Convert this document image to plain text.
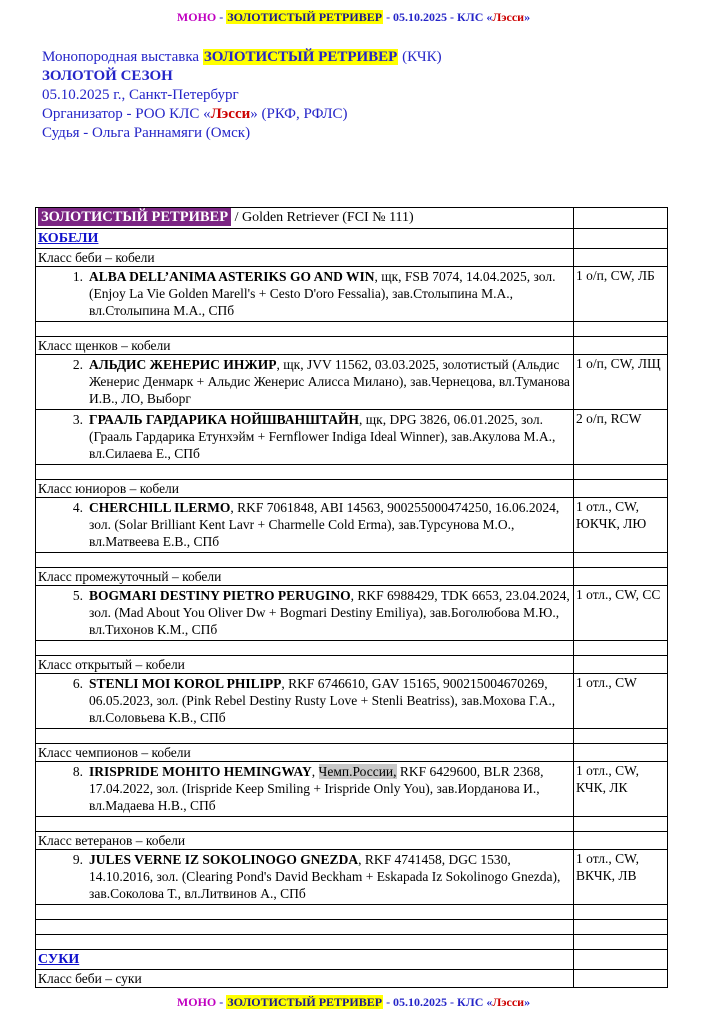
МОНО - ЗОЛОТИСТЫЙ РЕТРИВЕР - 05.10.2025 - КЛС «Лэсси»
Монопородная выставка ЗОЛОТИСТЫЙ РЕТРИВЕР (КЧК)
ЗОЛОТОЙ СЕЗОН
05.10.2025 г., Санкт-Петербург
Организатор - РОО КЛС «Лэсси» (РКФ, РФЛС)
Судья - Ольга Раннамяги (Омск)
ЗОЛОТИСТЫЙ РЕТРИВЕР / Golden Retriever (FCI № 111)	
КОБЕЛИ	
Класс беби – кобели	

1. ALBA DELL’ANIMA ASTERIKS GO AND WIN, щк, FSB 7074, 14.04.2025, зол. (Enjoy La Vie Golden Marell's + Cesto D'oro Fessalia), зав.Столыпина М.А., вл.Столыпина М.А., СПб	1 о/п, CW, ЛБ

Класс щенков – кобели	

2. АЛЬДИС ЖЕНЕРИС ИНЖИР, щк, JVV 11562, 03.03.2025, золотистый (Альдис Женерис Денмарк + Альдис Женерис Алисса Милано), зав.Чернецова, вл.Туманова И.В., ЛО, Выборг	1 о/п, CW, ЛЩ

3. ГРААЛЬ ГАРДАРИКА НОЙШВАНШТАЙН, щк, DPG 3826, 06.01.2025, зол. (Грааль Гардарика Етунхэйм + Fernflower Indiga Ideal Winner), зав.Акулова М.А., вл.Силаева Е., СПб	2 о/п, RCW

Класс юниоров – кобели	

4. CHERCHILL ILERMO, RKF 7061848, ABI 14563, 900255000474250, 16.06.2024, зол. (Solar Brilliant Kent Lavr + Charmelle Cold Erma), зав.Турсунова М.О., вл.Матвеева Е.В., СПб	1 отл., CW, ЮКЧК, ЛЮ

Класс промежуточный – кобели	

5. BOGMARI DESTINY PIETRO PERUGINO, RKF 6988429, TDK 6653, 23.04.2024, зол. (Mad About You Oliver Dw + Bogmari Destiny Emiliya), зав.Боголюбова М.Ю., вл.Тихонов К.М., СПб	1 отл., CW, СС

Класс открытый – кобели	

6. STENLI MOI KOROL PHILIPP, RKF 6746610, GAV 15165, 900215004670269, 06.05.2023, зол. (Pink Rebel Destiny Rusty Love + Stenli Beatriss), зав.Мохова Г.А., вл.Соловьева К.В., СПб	1 отл., CW

Класс чемпионов – кобели	

8. IRISPRIDE MOHITO HEMINGWAY, Чемп.России, RKF 6429600, BLR 2368, 17.04.2022, зол. (Irispride Keep Smiling + Irispride Only You), зав.Иорданова И., вл.Мадаева Н.В., СПб	1 отл., CW, КЧК, ЛК

Класс ветеранов – кобели	

9. JULES VERNE IZ SOKOLINOGO GNEZDA, RKF 4741458, DGC 1530, 14.10.2016, зол. (Clearing Pond's David Beckham + Eskapada Iz Sokolinogo Gnezda), зав.Соколова Т., вл.Литвинов А., СПб	1 отл., CW, ВКЧК, ЛВ

СУКИ	
Класс беби – суки	
МОНО - ЗОЛОТИСТЫЙ РЕТРИВЕР - 05.10.2025 - КЛС «Лэсси»
